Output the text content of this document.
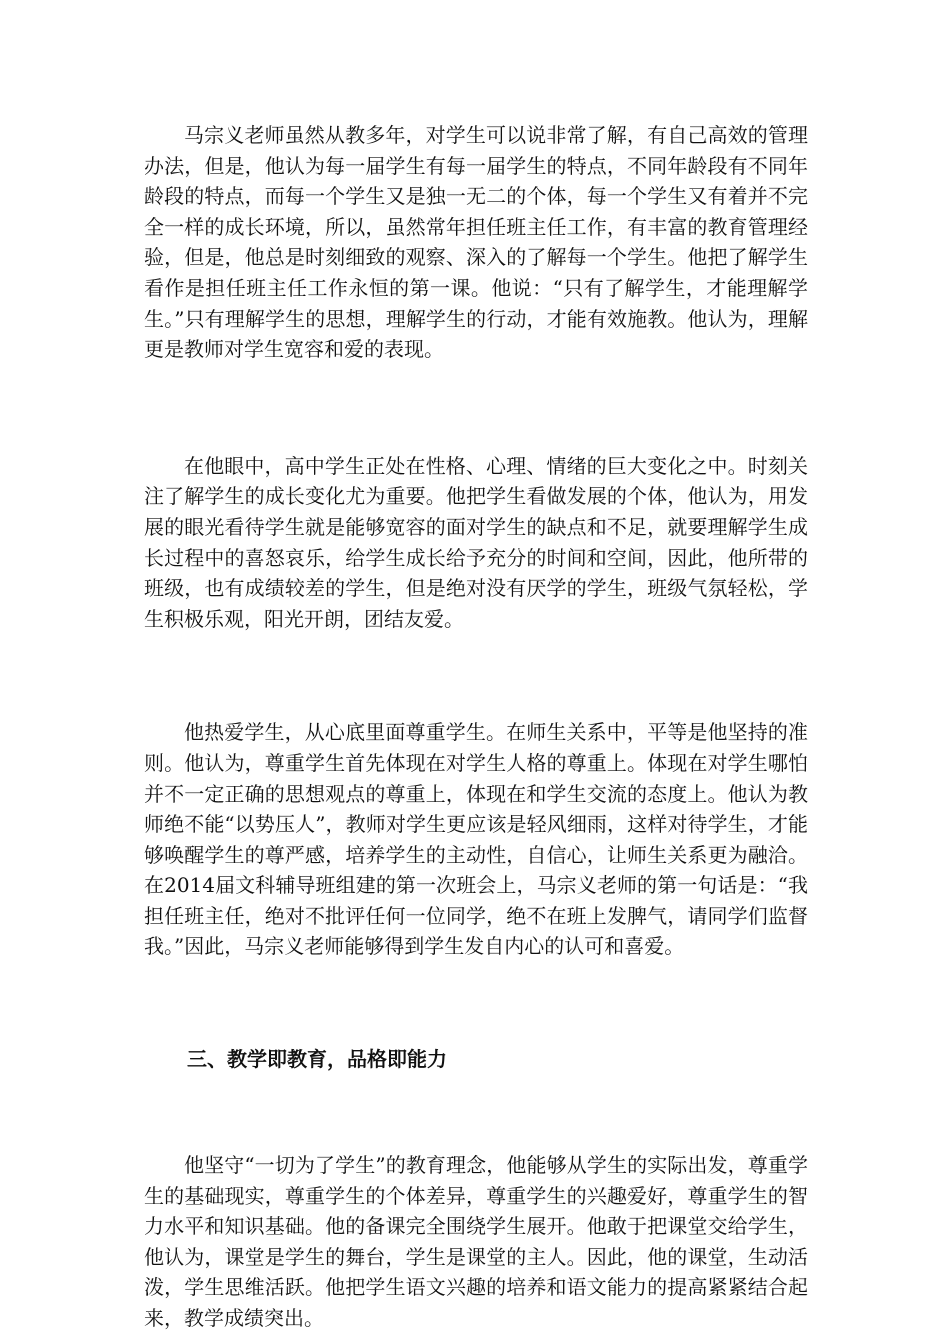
马宗义老师虽然从教多年，对学生可以说非常了解，有自己高效的管理办法，但是，他认为每一届学生有每一届学生的特点，不同年龄段有不同年龄段的特点，而每一个学生又是独一无二的个体，每一个学生又有着并不完全一样的成长环境，所以，虽然常年担任班主任工作，有丰富的教育管理经验，但是，他总是时刻细致的观察、深入的了解每一个学生。他把了解学生看作是担任班主任工作永恒的第一课。他说：“只有了解学生，才能理解学生。”只有理解学生的思想，理解学生的行动，才能有效施教。他认为，理解更是教师对学生宽容和爱的表现。

在他眼中，高中学生正处在性格、心理、情绪的巨大变化之中。时刻关注了解学生的成长变化尤为重要。他把学生看做发展的个体，他认为，用发展的眼光看待学生就是能够宽容的面对学生的缺点和不足，就要理解学生成长过程中的喜怒哀乐，给学生成长给予充分的时间和空间，因此，他所带的班级，也有成绩较差的学生，但是绝对没有厌学的学生，班级气氛轻松，学生积极乐观，阳光开朗，团结友爱。

他热爱学生，从心底里面尊重学生。在师生关系中，平等是他坚持的准则。他认为，尊重学生首先体现在对学生人格的尊重上。体现在对学生哪怕并不一定正确的思想观点的尊重上，体现在和学生交流的态度上。他认为教师绝不能“以势压人”，教师对学生更应该是轻风细雨，这样对待学生，才能够唤醒学生的尊严感，培养学生的主动性，自信心，让师生关系更为融洽。在2014届文科辅导班组建的第一次班会上，马宗义老师的第一句话是：“我担任班主任，绝对不批评任何一位同学，绝不在班上发脾气，请同学们监督我。”因此，马宗义老师能够得到学生发自内心的认可和喜爱。

三、教学即教育，品格即能力

他坚守“一切为了学生”的教育理念，他能够从学生的实际出发，尊重学生的基础现实，尊重学生的个体差异，尊重学生的兴趣爱好，尊重学生的智力水平和知识基础。他的备课完全围绕学生展开。他敢于把课堂交给学生，他认为，课堂是学生的舞台，学生是课堂的主人。因此，他的课堂，生动活泼，学生思维活跃。他把学生语文兴趣的培养和语文能力的提高紧紧结合起来，教学成绩突出。
